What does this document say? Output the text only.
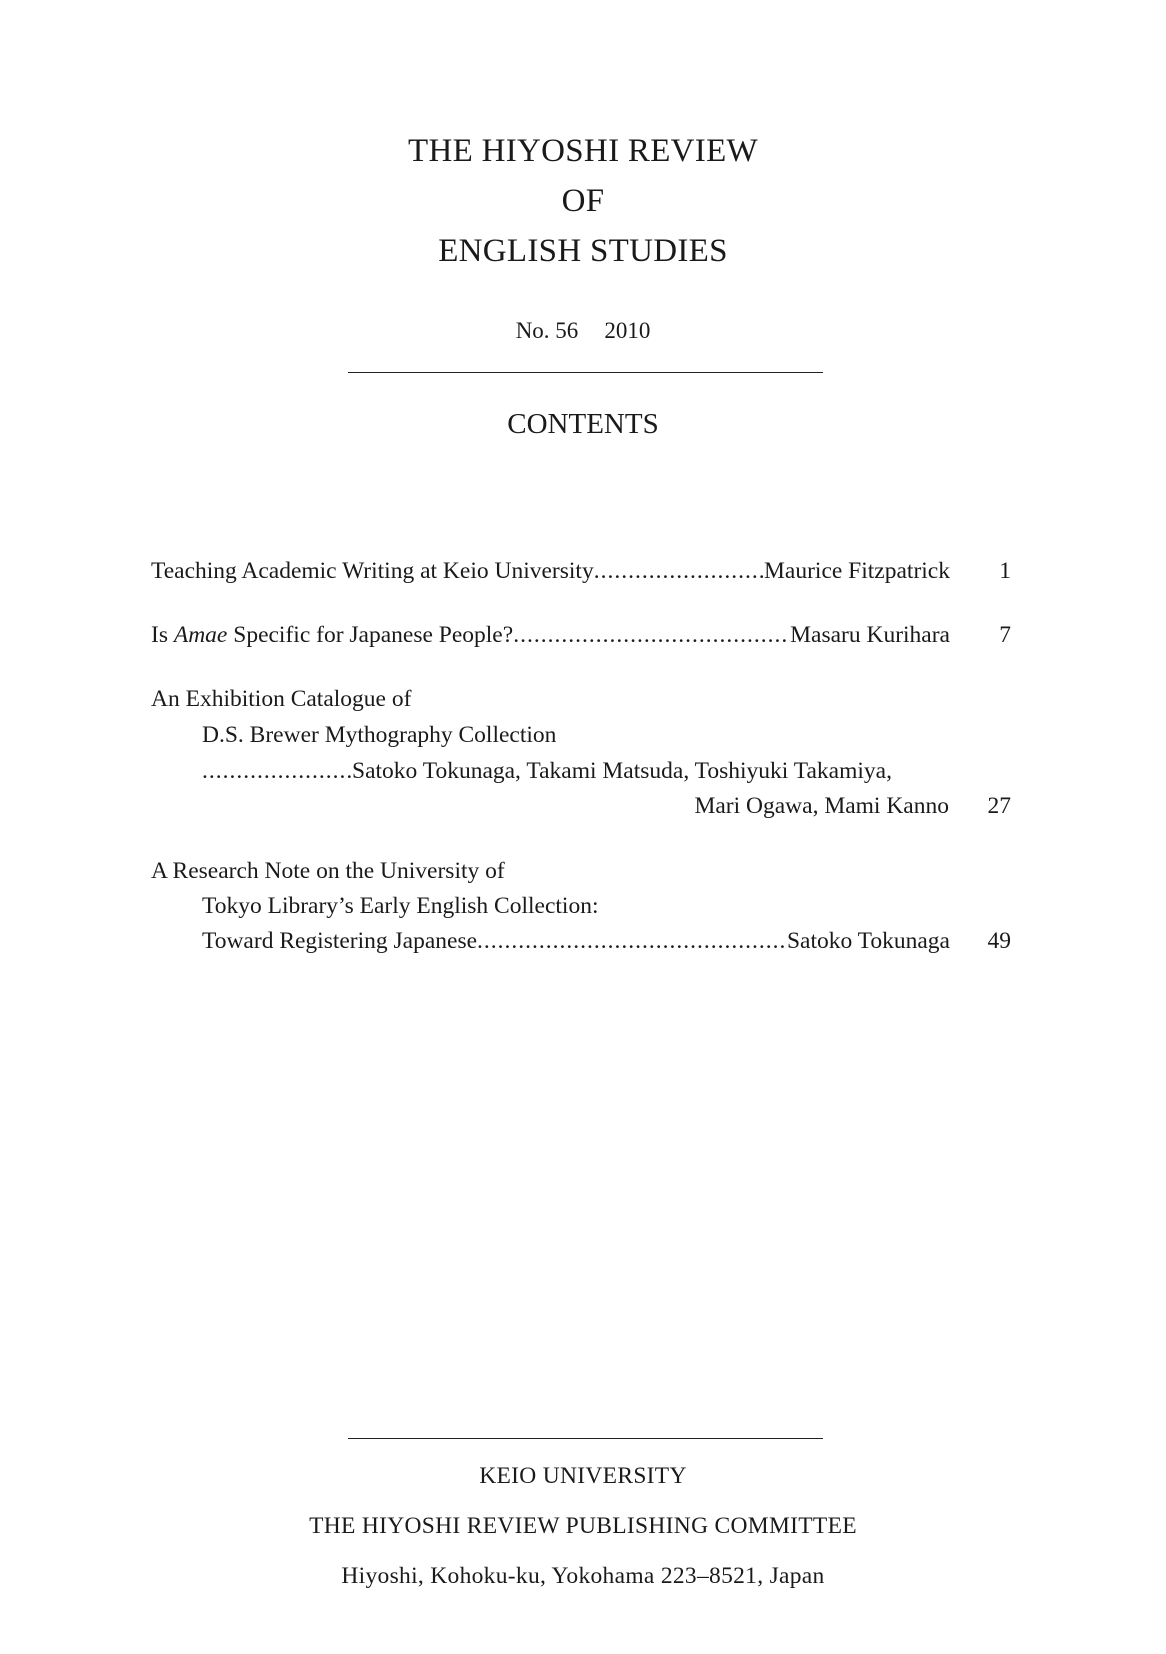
THE HIYOSHI REVIEW
OF
ENGLISH STUDIES
No. 56 2010
CONTENTS
Teaching Academic Writing at Keio University .....	Maurice Fitzpatrick 1
Is Amae Specific for Japanese People? .....	Masaru Kurihara 7
An Exhibition Catalogue of
D.S. Brewer Mythography Collection
.....
Satoko Tokunaga, Takami Matsuda, Toshiyuki Takamiya,
Mari Ogawa, Mami Kanno 27
A Research Note on the University of
Tokyo Library’s Early English Collection:
Toward Registering Japanese .....	Satoko Tokunaga 49
KEIO UNIVERSITY
THE HIYOSHI REVIEW PUBLISHING COMMITTEE
Hiyoshi, Kohoku-ku, Yokohama 223–8521, Japan
